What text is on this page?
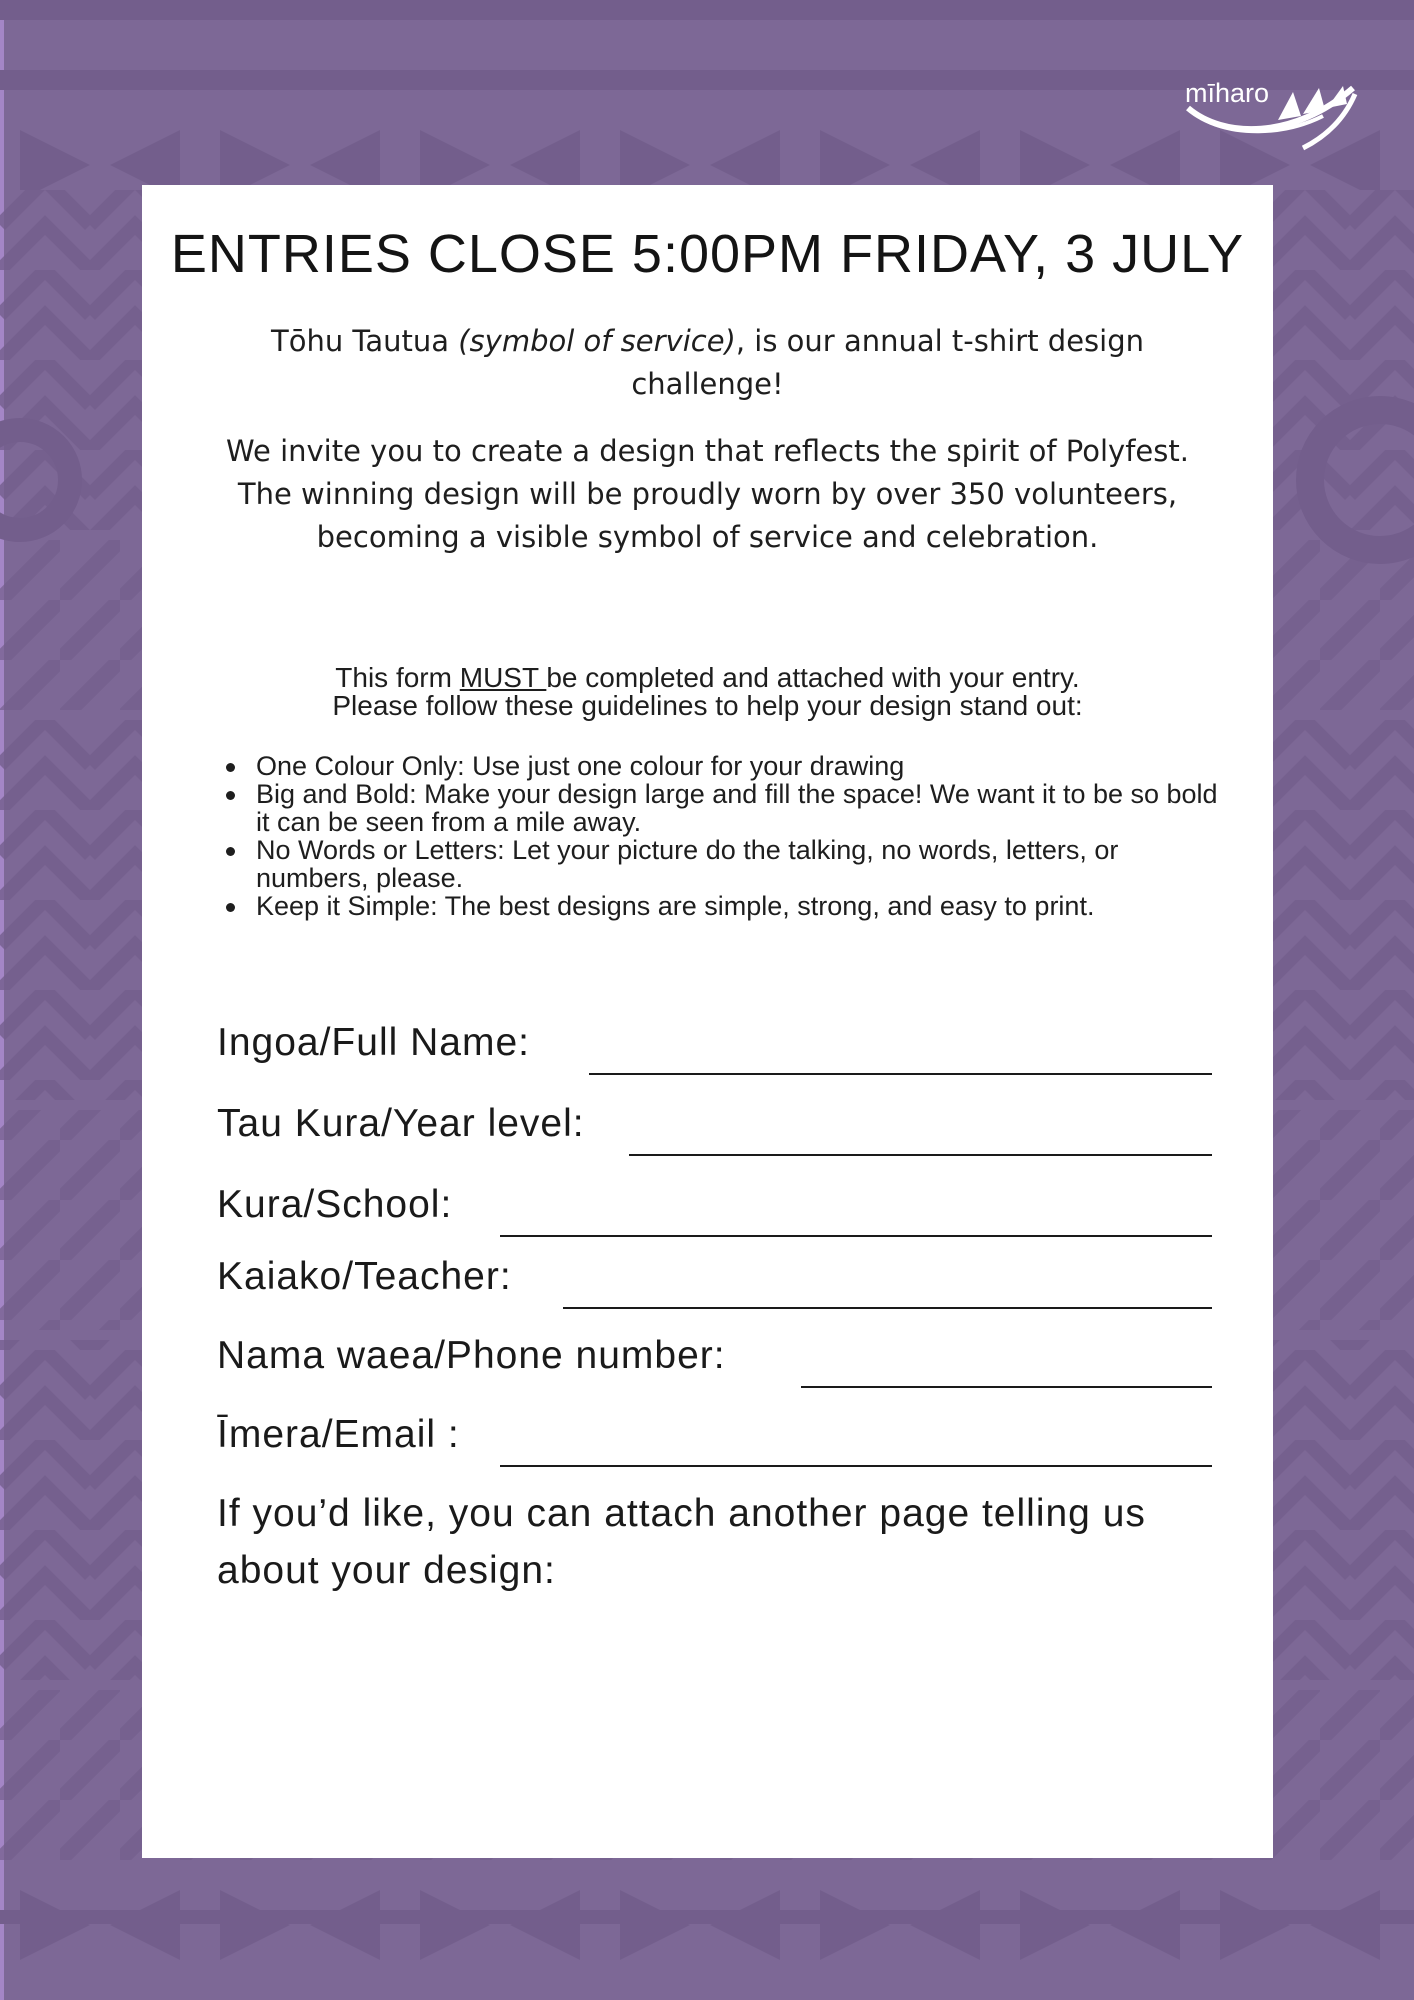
mīharo
ENTRIES CLOSE 5:00PM FRIDAY, 3 JULY

Tōhu Tautua (symbol of service), is our annual t-shirt design challenge!

We invite you to create a design that reflects the spirit of Polyfest. The winning design will be proudly worn by over 350 volunteers, becoming a visible symbol of service and celebration.

This form MUST be completed and attached with your entry.
Please follow these guidelines to help your design stand out:

One Colour Only: Use just one colour for your drawing
Big and Bold: Make your design large and fill the space! We want it to be so bold it can be seen from a mile away.
No Words or Letters: Let your picture do the talking, no words, letters, or numbers, please.
Keep it Simple: The best designs are simple, strong, and easy to print.
Ingoa/Full Name:
Tau Kura/Year level:
Kura/School:
Kaiako/Teacher:
Nama waea/Phone number:
Īmera/Email :

If you’d like, you can attach another page telling us about your design:
